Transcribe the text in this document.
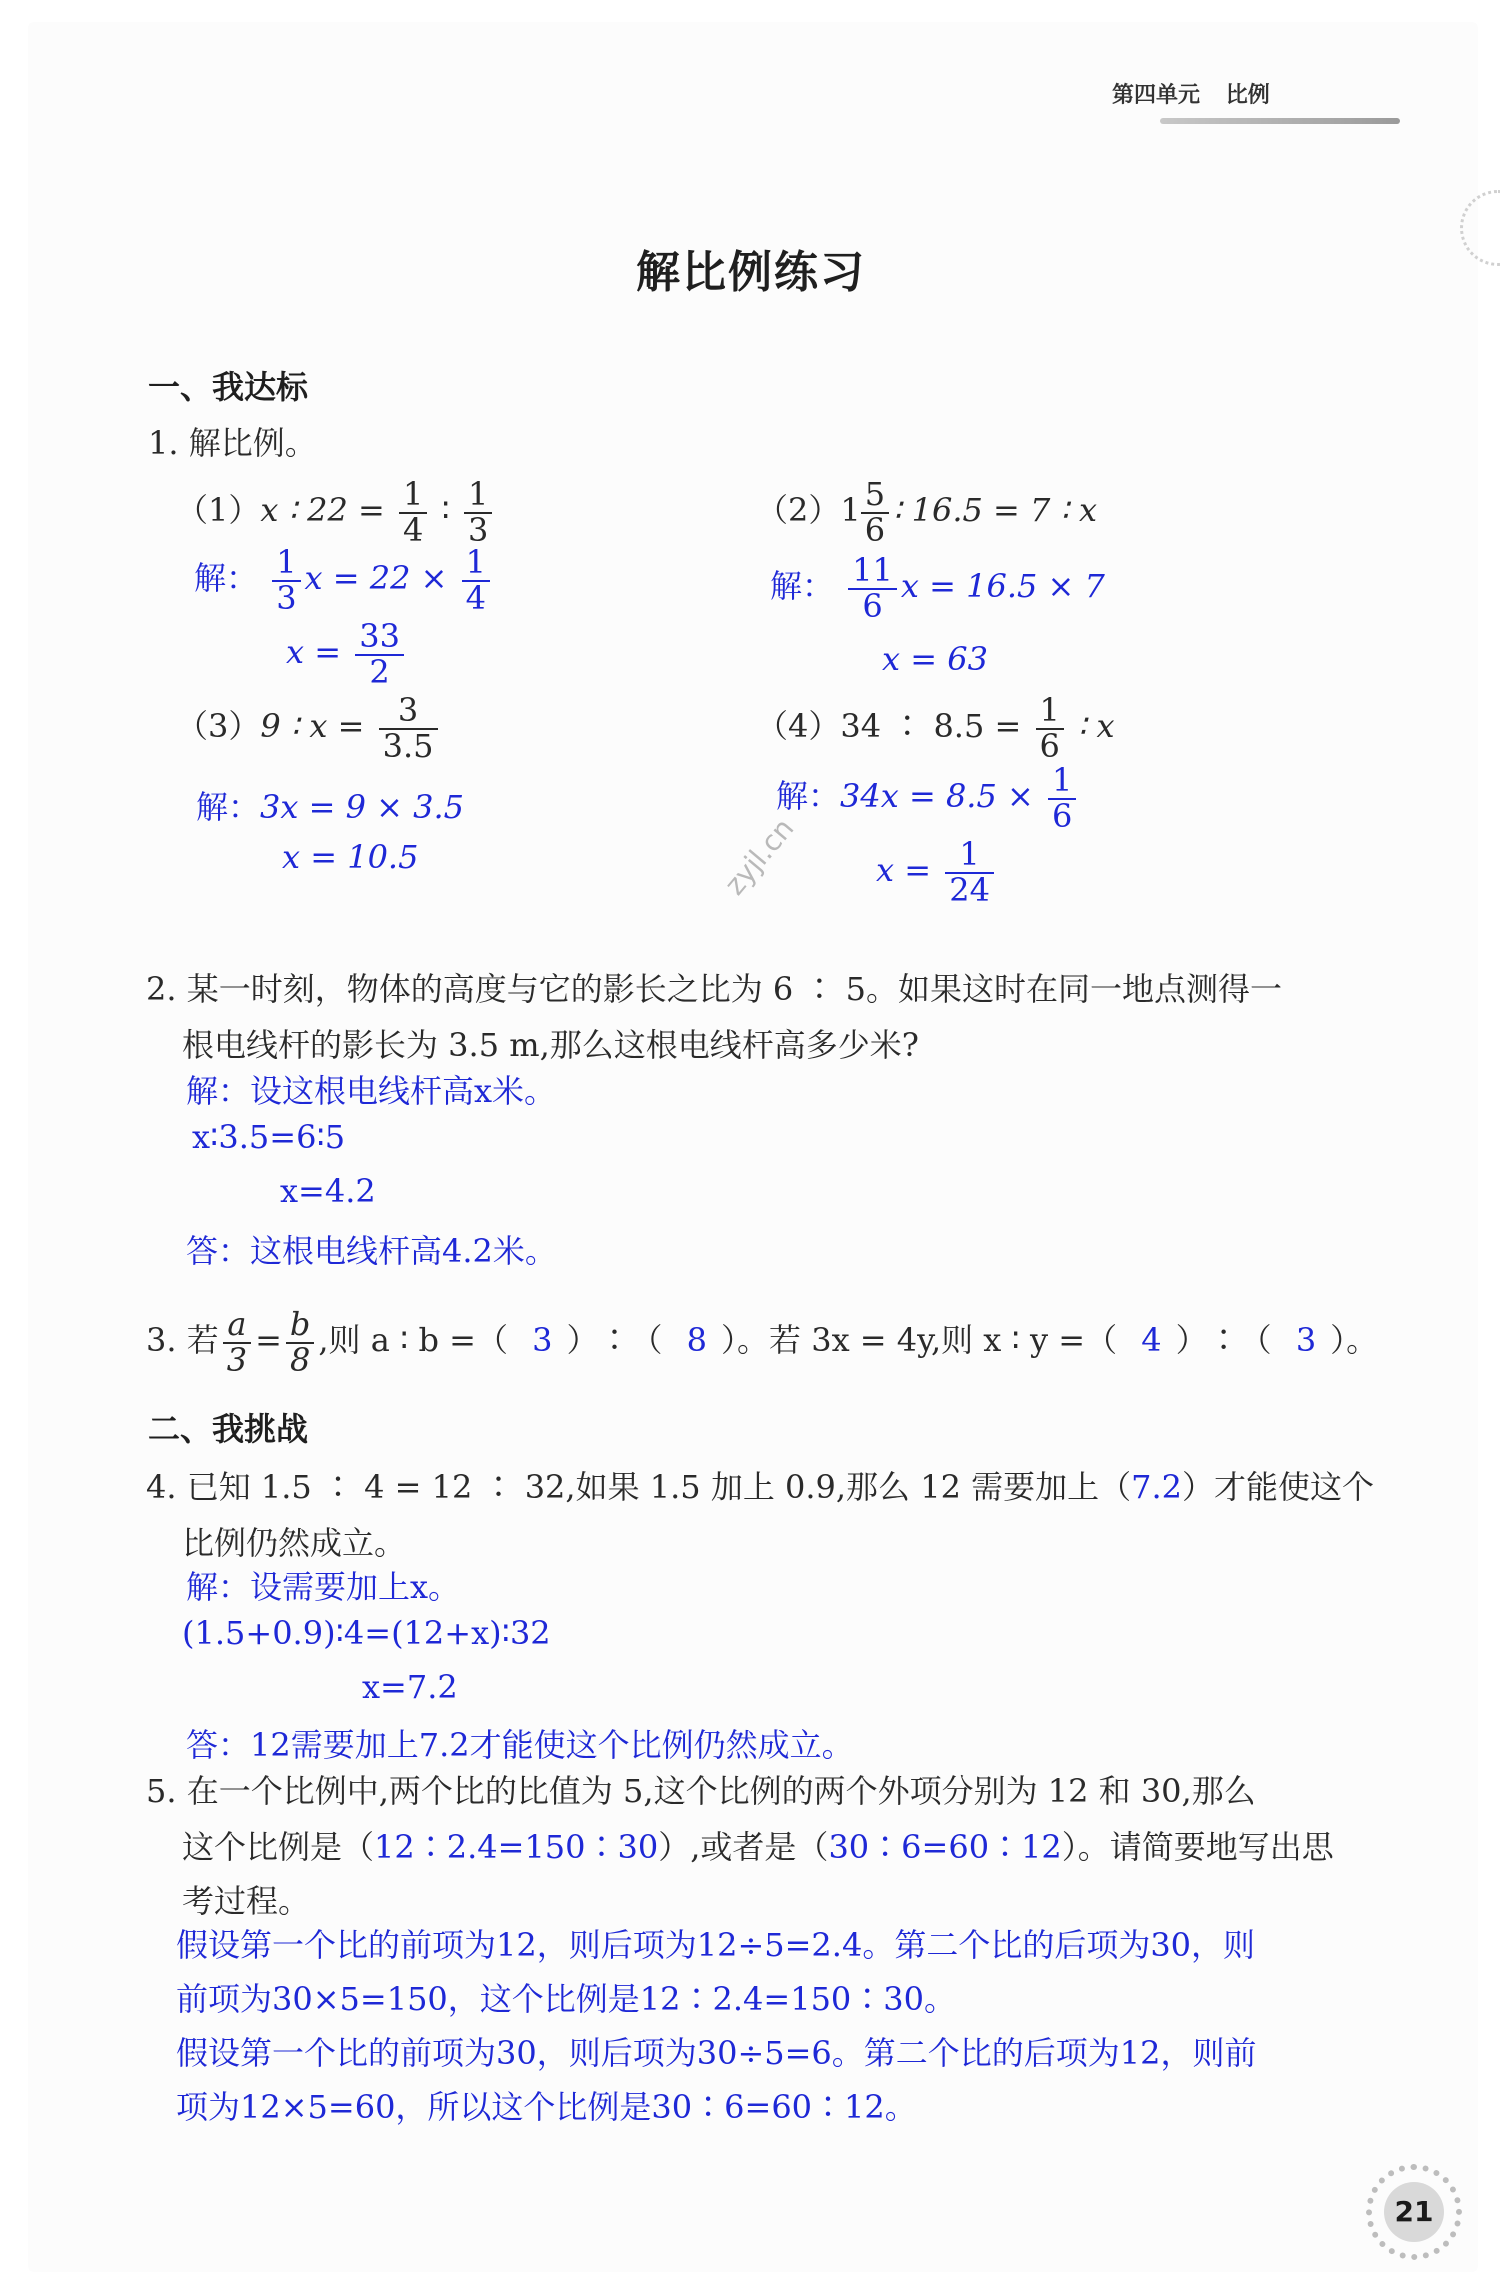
第四单元 比例
解比例练习
一、我达标
1. 解比例。
（1）x ∶ $22 = \frac{1}{4}$ ∶ $\frac{1}{3}$
解： $\frac{1}{3}$ $x = 22 \times \frac{1}{4}$
$x = \frac{33}{2}$
$(2)1 \frac{5}{6}$ ∶ 16.5 = 7 ∶ x
解： $\frac{11}{6}$ x = 16.5 × 7
x = 63
（3）9 ∶ $x = \frac{3}{3.5}$
解：3x = 9 × 3.5
x = 10.5
（4）34 ∶ $8.5 = \frac{1}{6}$ ∶ x
解：$34x = 8.5 \times \frac{1}{6}$
$x = \frac{1}{24}$
zyjl.cn
2. 某一时刻，物体的高度与它的影长之比为 6 ∶ 5。如果这时在同一地点测得一
根电线杆的影长为 3.5 m,那么这根电线杆高多少米?
解：设这根电线杆高x米。
x∶3.5=6∶5
x=4.2
答：这根电线杆高4.2米。
3. 若 $\frac{a}{3} = \frac{b}{8}$ ,则 a ∶ b =（ 3 ）∶（ 8 ）。若 3x = 4y,则 x ∶ y =（ 4 ）∶（ 3 ）。
二、我挑战
4. 已知 1.5 ∶ 4 = 12 ∶ 32,如果 1.5 加上 0.9,那么 12 需要加上（7.2）才能使这个
比例仍然成立。
解：设需要加上x。
(1.5+0.9)∶4=(12+x)∶32
x=7.2
答：12需要加上7.2才能使这个比例仍然成立。
5. 在一个比例中,两个比的比值为 5,这个比例的两个外项分别为 12 和 30,那么
这个比例是（12∶2.4=150∶30）,或者是（30∶6=60∶12）。请简要地写出思
考过程。
假设第一个比的前项为12，则后项为12÷5=2.4。第二个比的后项为30，则
前项为30×5=150，这个比例是12∶2.4=150∶30。
假设第一个比的前项为30，则后项为30÷5=6。第二个比的后项为12，则前
项为12×5=60，所以这个比例是30∶6=60∶12。
21
